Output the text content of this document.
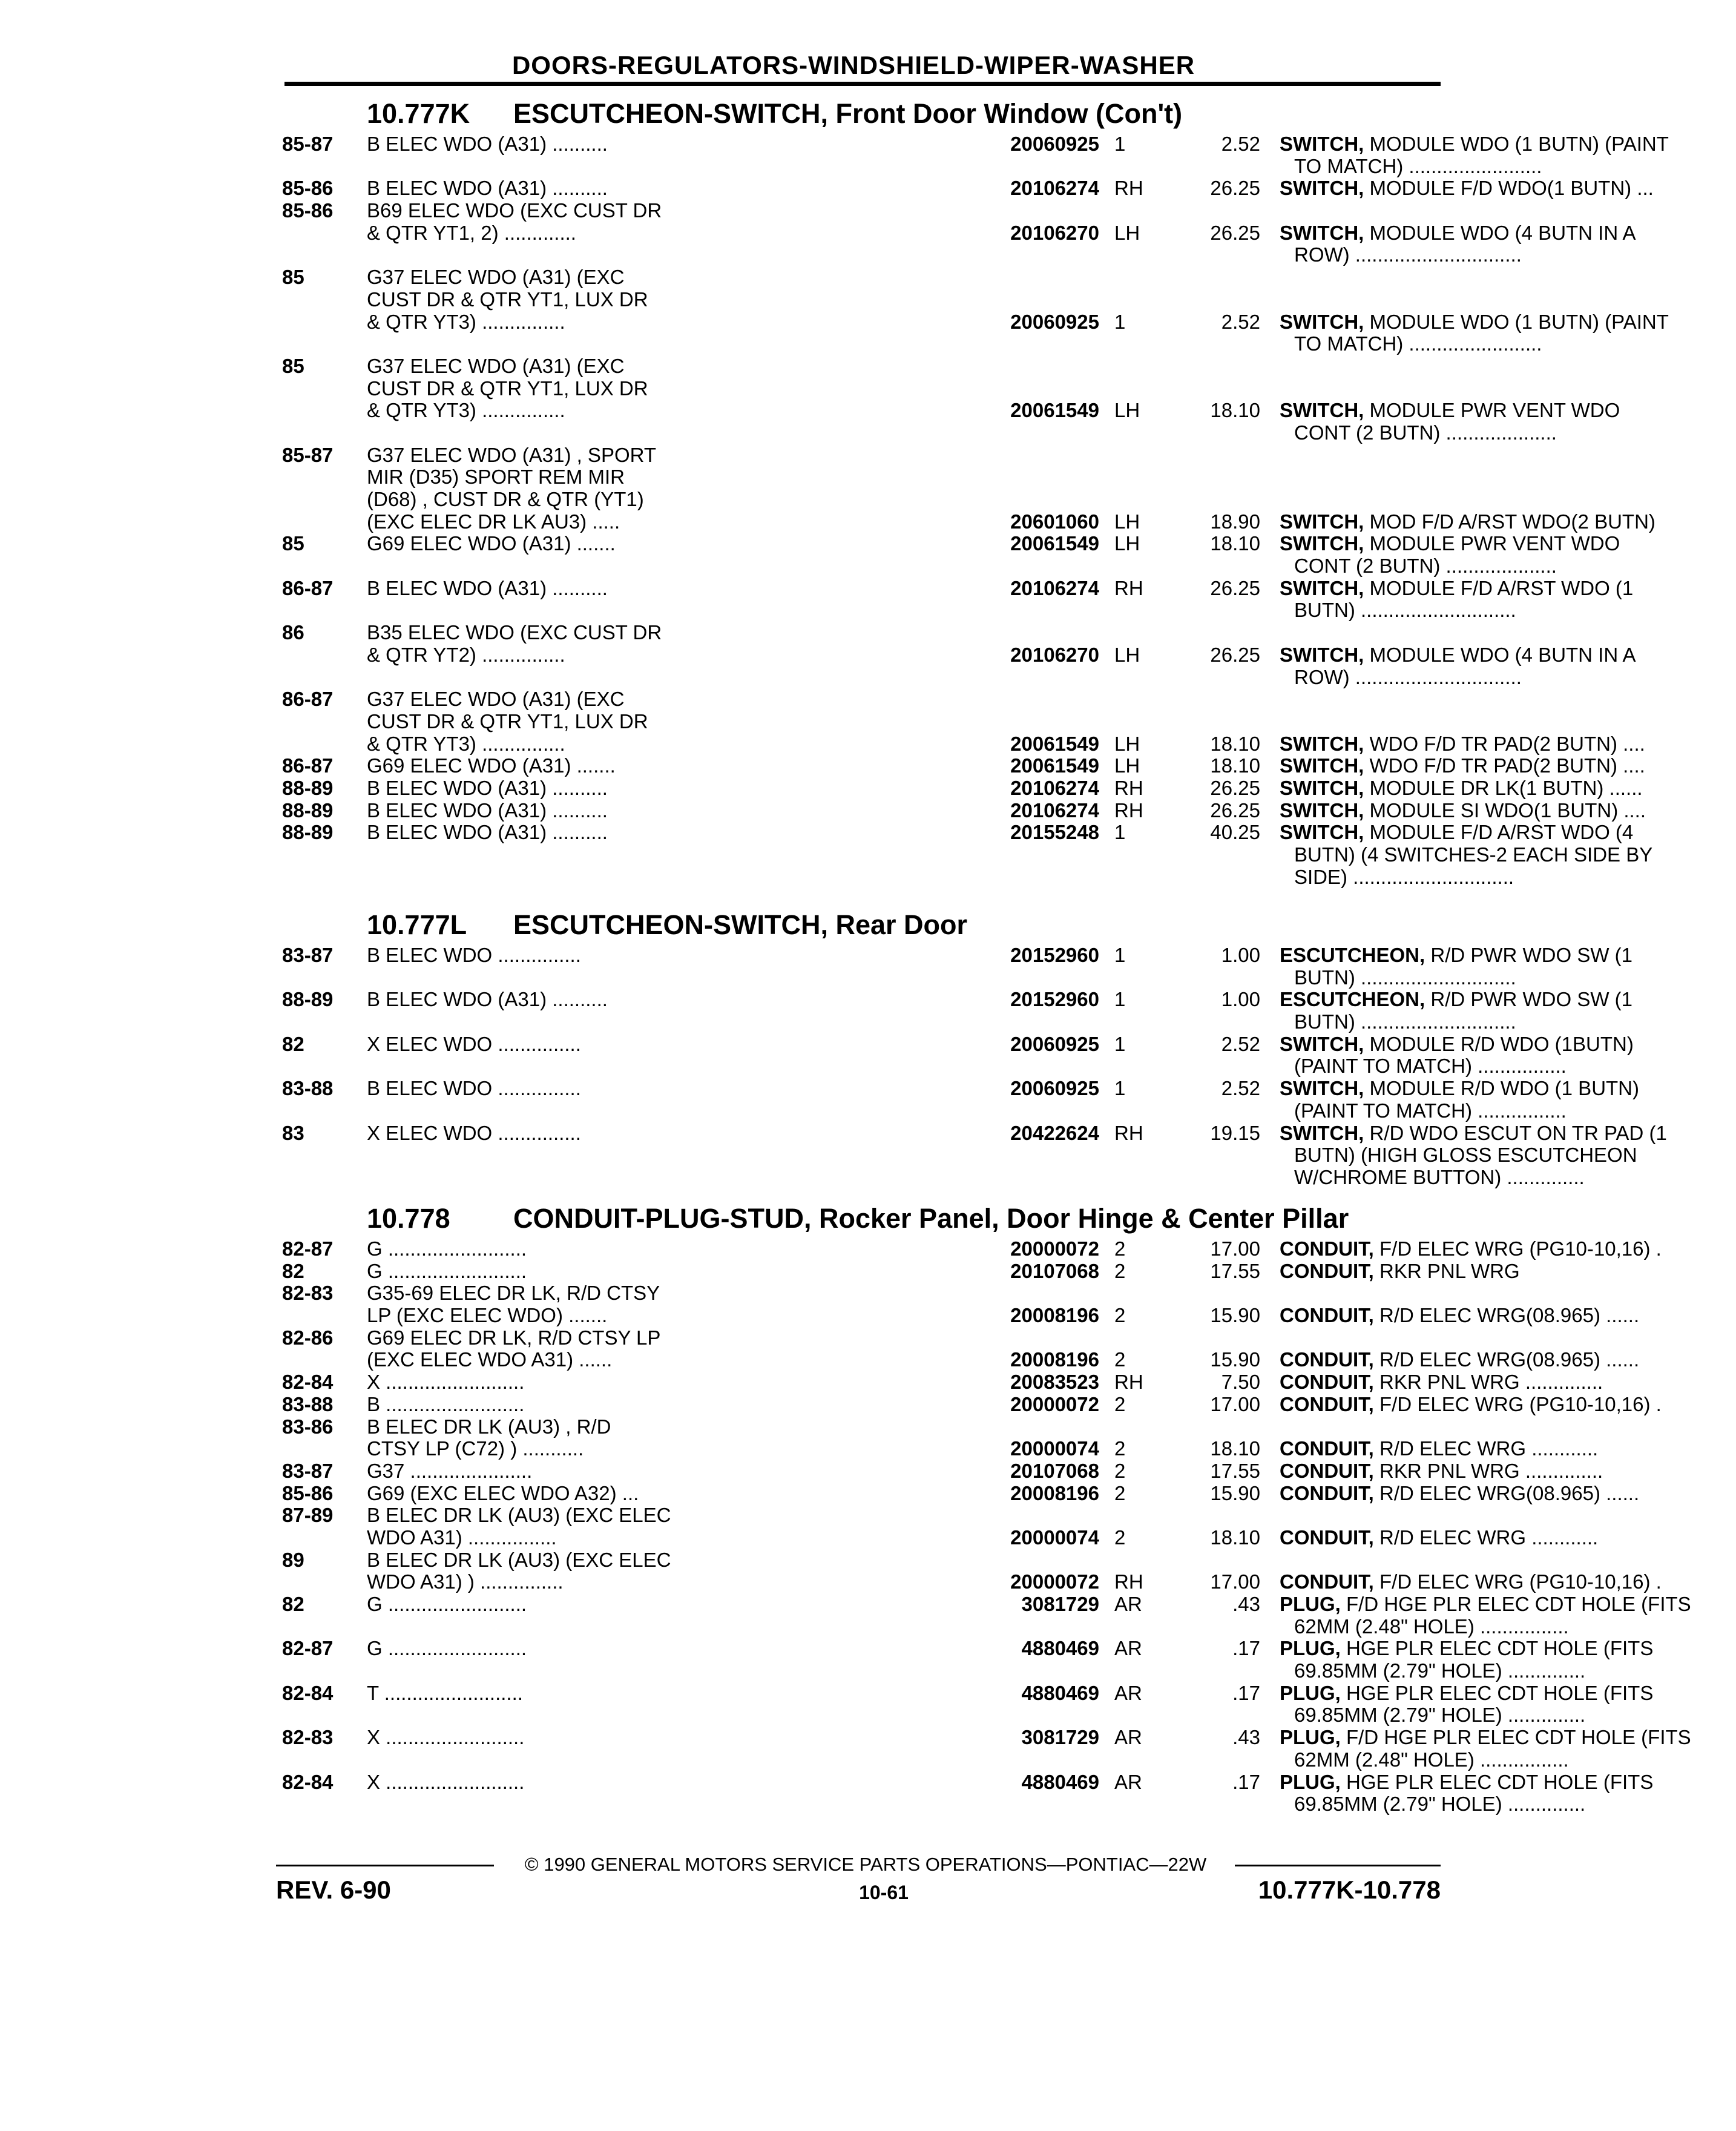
DOORS-REGULATORS-WINDSHIELD-WIPER-WASHER
10.777K ESCUTCHEON-SWITCH, Front Door Window (Con't)
85-87 B ELEC WDO (A31) ..........	20060925 1	2.52 SWITCH, MODULE WDO (1 BUTN) (PAINT
TO MATCH) ........................
85-86 B ELEC WDO (A31) ..........	20106274 RH	26.25 SWITCH, MODULE F/D WDO(1 BUTN) ...
85-86 B69 ELEC WDO (EXC CUST DR
& QTR YT1, 2) .............	20106270 LH	26.25 SWITCH, MODULE WDO (4 BUTN IN A
ROW) ..............................
85	G37 ELEC WDO (A31) (EXC
CUST DR & QTR YT1, LUX DR
& QTR YT3) ...............	20060925 1	2.52 SWITCH, MODULE WDO (1 BUTN) (PAINT
TO MATCH) ........................
85	G37 ELEC WDO (A31) (EXC
CUST DR & QTR YT1, LUX DR
& QTR YT3) ...............	20061549 LH	18.10 SWITCH, MODULE PWR VENT WDO
CONT (2 BUTN) ....................
85-87 G37 ELEC WDO (A31) , SPORT
MIR (D35) SPORT REM MIR
(D68) , CUST DR & QTR (YT1)
(EXC ELEC DR LK AU3) .....	20601060 LH	18.90 SWITCH, MOD F/D A/RST WDO(2 BUTN)
85	G69 ELEC WDO (A31) .......	20061549 LH	18.10 SWITCH, MODULE PWR VENT WDO
CONT (2 BUTN) ....................
86-87 B ELEC WDO (A31) ..........	20106274 RH	26.25 SWITCH, MODULE F/D A/RST WDO (1
BUTN) ............................
86	B35 ELEC WDO (EXC CUST DR
& QTR YT2) ...............	20106270 LH	26.25 SWITCH, MODULE WDO (4 BUTN IN A
ROW) ..............................
86-87 G37 ELEC WDO (A31) (EXC
CUST DR & QTR YT1, LUX DR
& QTR YT3) ...............	20061549 LH	18.10 SWITCH, WDO F/D TR PAD(2 BUTN) ....
86-87 G69 ELEC WDO (A31) .......	20061549 LH	18.10 SWITCH, WDO F/D TR PAD(2 BUTN) ....
88-89 B ELEC WDO (A31) ..........	20106274 RH	26.25 SWITCH, MODULE DR LK(1 BUTN) ......
88-89 B ELEC WDO (A31) ..........	20106274 RH	26.25 SWITCH, MODULE SI WDO(1 BUTN) ....
88-89 B ELEC WDO (A31) ..........	20155248 1	40.25 SWITCH, MODULE F/D A/RST WDO (4
BUTN) (4 SWITCHES-2 EACH SIDE BY
SIDE) .............................
10.777L ESCUTCHEON-SWITCH, Rear Door
83-87 B ELEC WDO ...............	20152960 1	1.00 ESCUTCHEON, R/D PWR WDO SW (1
BUTN) ............................
88-89 B ELEC WDO (A31) ..........	20152960 1	1.00 ESCUTCHEON, R/D PWR WDO SW (1
BUTN) ............................
82	X ELEC WDO ...............	20060925 1	2.52 SWITCH, MODULE R/D WDO (1BUTN)
(PAINT TO MATCH) ................
83-88 B ELEC WDO ...............	20060925 1	2.52 SWITCH, MODULE R/D WDO (1 BUTN)
(PAINT TO MATCH) ................
83	X ELEC WDO ...............	20422624 RH	19.15 SWITCH, R/D WDO ESCUT ON TR PAD (1
BUTN) (HIGH GLOSS ESCUTCHEON
W/CHROME BUTTON) ..............
10.778 CONDUIT-PLUG-STUD, Rocker Panel, Door Hinge & Center Pillar
82-87 G .........................	20000072 2	17.00 CONDUIT, F/D ELEC WRG (PG10-10,16) .
82	G .........................	20107068 2	17.55 CONDUIT, RKR PNL WRG
82-83 G35-69 ELEC DR LK, R/D CTSY
LP (EXC ELEC WDO) .......	20008196 2	15.90 CONDUIT, R/D ELEC WRG(08.965) ......
82-86 G69 ELEC DR LK, R/D CTSY LP
(EXC ELEC WDO A31) ......	20008196 2	15.90 CONDUIT, R/D ELEC WRG(08.965) ......
82-84 X .........................	20083523 RH	7.50 CONDUIT, RKR PNL WRG ..............
83-88 B .........................	20000072 2	17.00 CONDUIT, F/D ELEC WRG (PG10-10,16) .
83-86 B ELEC DR LK (AU3) , R/D
CTSY LP (C72) ) ...........	20000074 2	18.10 CONDUIT, R/D ELEC WRG ............
83-87 G37 ......................	20107068 2	17.55 CONDUIT, RKR PNL WRG ..............
85-86 G69 (EXC ELEC WDO A32) ...	20008196 2	15.90 CONDUIT, R/D ELEC WRG(08.965) ......
87-89 B ELEC DR LK (AU3) (EXC ELEC
WDO A31) ................	20000074 2	18.10 CONDUIT, R/D ELEC WRG ............
89	B ELEC DR LK (AU3) (EXC ELEC
WDO A31) ) ...............	20000072 RH	17.00 CONDUIT, F/D ELEC WRG (PG10-10,16) .
82	G .........................	3081729 AR	.43 PLUG, F/D HGE PLR ELEC CDT HOLE (FITS
62MM (2.48" HOLE) ................
82-87 G .........................	4880469 AR	.17 PLUG, HGE PLR ELEC CDT HOLE (FITS
69.85MM (2.79" HOLE) ..............
82-84 T .........................	4880469 AR	.17 PLUG, HGE PLR ELEC CDT HOLE (FITS
69.85MM (2.79" HOLE) ..............
82-83 X .........................	3081729 AR	.43 PLUG, F/D HGE PLR ELEC CDT HOLE (FITS
62MM (2.48" HOLE) ................
82-84 X .........................	4880469 AR	.17 PLUG, HGE PLR ELEC CDT HOLE (FITS
69.85MM (2.79" HOLE) ..............
© 1990 GENERAL MOTORS SERVICE PARTS OPERATIONS—PONTIAC—22W
REV. 6-90	10-61	10.777K-10.778
